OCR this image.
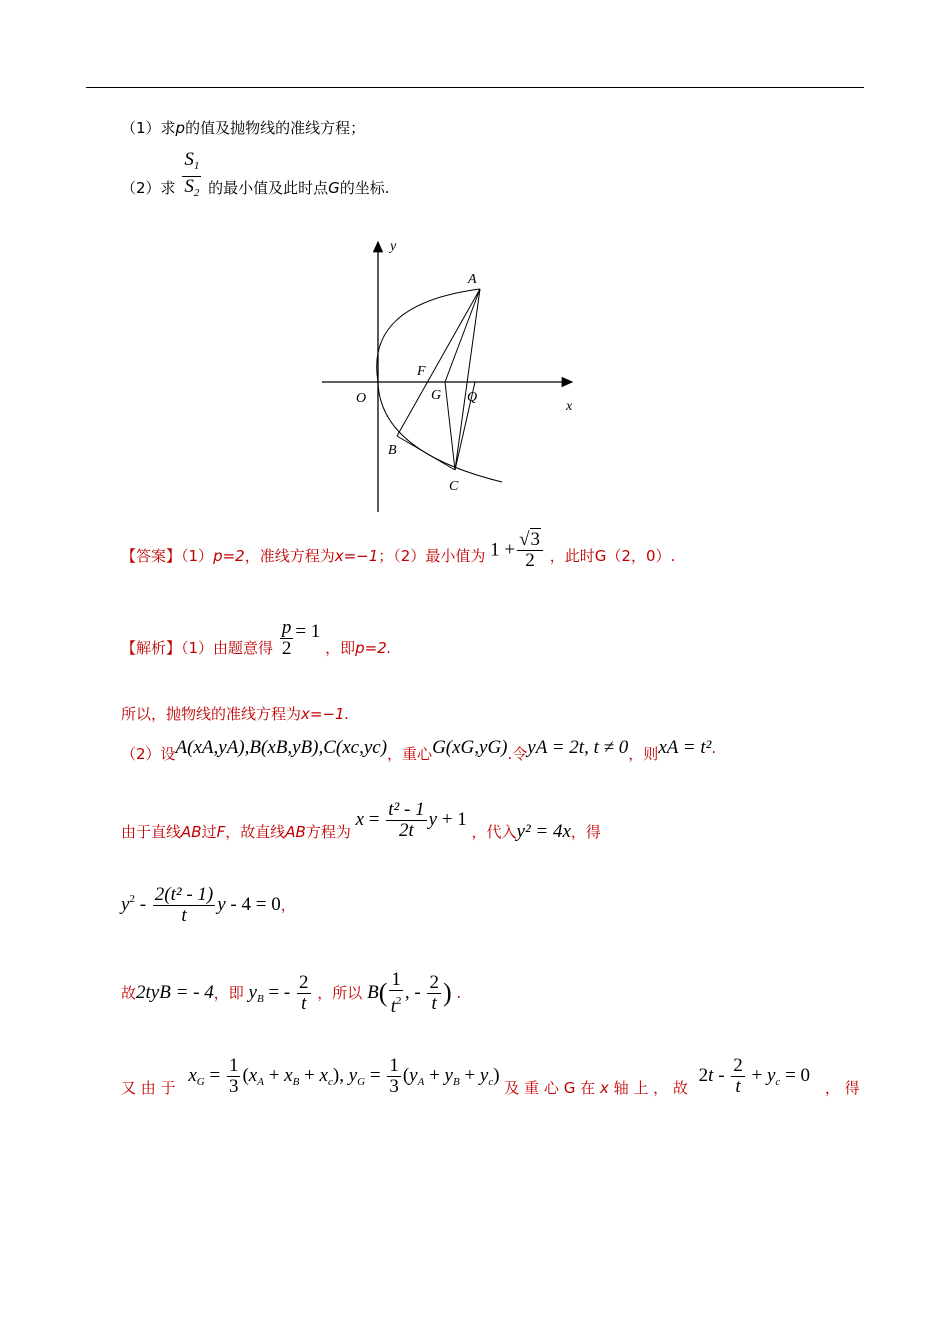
（1）求p的值及抛物线的准线方程；
（2）求 $\frac{S_1}{S_2}$ 的最小值及此时点G的坐标.
y
x
O
A
B
C
F
G Q
【答案】（1）p=2，准线方程为x=−1；（2）最小值为 $1 + \frac{√3}{2}$ ，此时G（2，0）.
【解析】（1）由题意得 $\frac{p}{2} = 1$ ，即p=2.
所以，抛物线的准线方程为x=−1.
（2）设A(xA,yA),B(xB,yB),C(xc,yc)，重心G(xG,yG).令yA = 2t, t ≠ 0，则xA = t².
由于直线AB过F，故直线AB方程为 $x = \frac{\text{t² - 1}}{2t}$ y + 1 ，代入y² = 4x，得
$y^2 - \frac{\text{2(t² - 1)}}{t}$ y - 4 = 0，
故2tyB = - 4，即 $y_B$ = - $\frac{2}{t}$ ，所以 $B( \frac{1}{t^2}$ , - $\frac{2}{t}$ ) .
又 由 于 $x_G = \frac{1}{3} (x_A + x_B + x_c)$, $y_G = \frac{1}{3} (y_A + y_B + y_c)$ 及 重 心 G 在 x 轴 上 ， 故 $2t - \frac{2}{t} + y_c = 0$ ， 得
